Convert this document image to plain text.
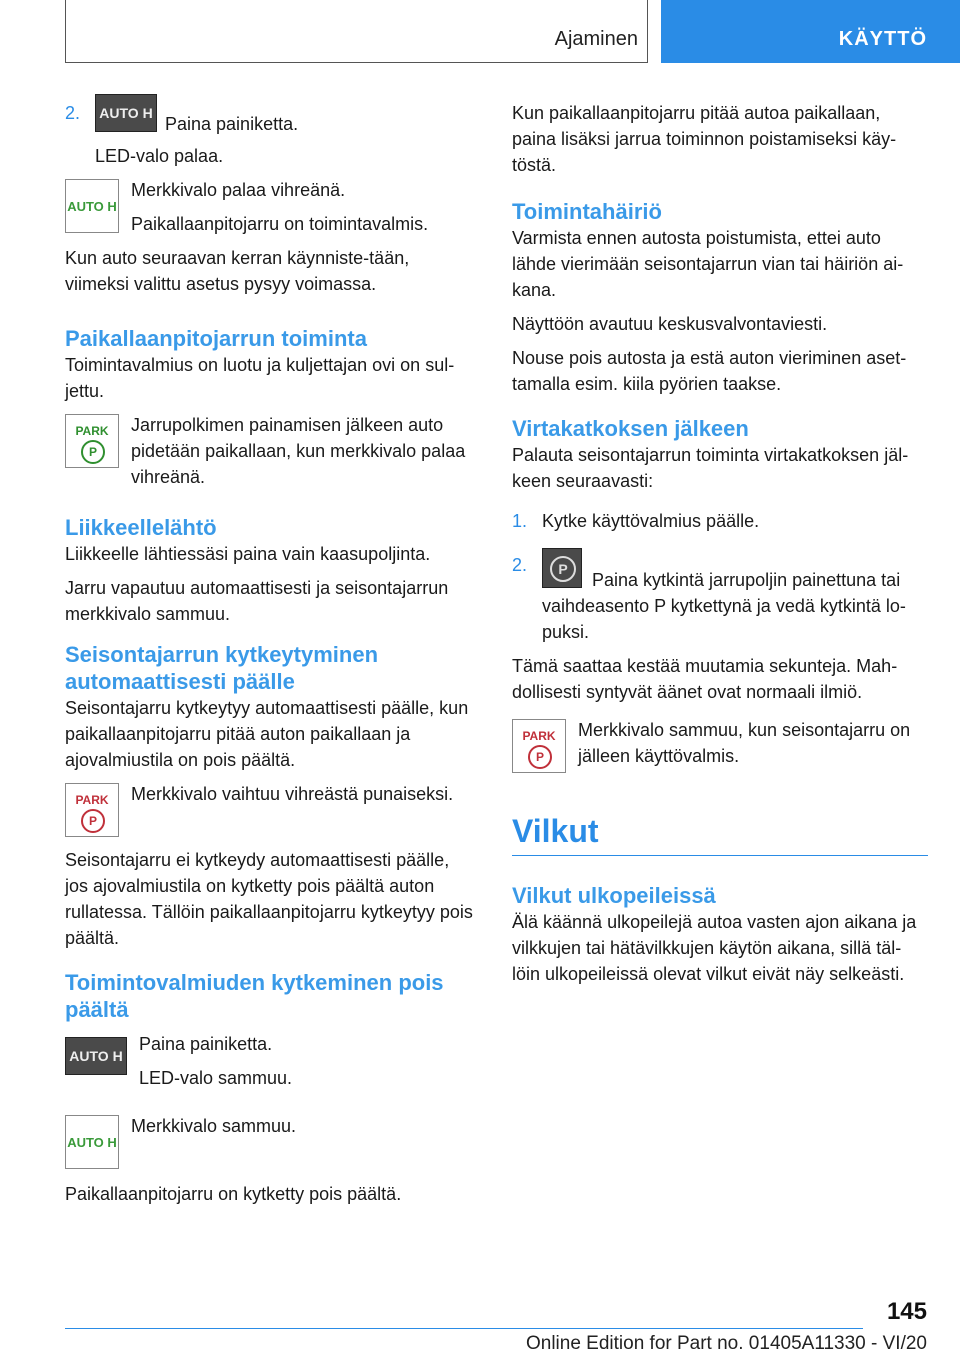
Ajaminen	KÄYTTÖ
2.	AUTO H
Paina painiketta.
LED-valo palaa.
AUTO H

Merkkivalo palaa vihreänä.

Paikallaanpitojarru on toimintavalmis.

Kun auto seuraavan kerran käynniste-tään, viimeksi valittu asetus pysyy voimassa.

Paikallaanpitojarrun toiminta

Toimintavalmius on luotu ja kuljettajan ovi on sul-jettu.

PARK
P

Jarrupolkimen painamisen jälkeen auto pidetään paikallaan, kun merkkivalo palaa vihreänä.

Liikkeellelähtö

Liikkeelle lähtiessäsi paina vain kaasupoljinta.

Jarru vapautuu automaattisesti ja seisontajarrun merkkivalo sammuu.

Seisontajarrun kytkeytyminen automaattisesti päälle

Seisontajarru kytkeytyy automaattisesti päälle, kun paikallaanpitojarru pitää auton paikallaan ja ajovalmiustila on pois päältä.

PARK
P

Merkkivalo vaihtuu vihreästä punaiseksi.

Seisontajarru ei kytkeydy automaattisesti päälle, jos ajovalmiustila on kytketty pois päältä auton rullatessa. Tällöin paikallaanpitojarru kytkeytyy pois päältä.

Toimintovalmiuden kytkeminen pois päältä
AUTO H

Paina painiketta.

LED-valo sammuu.

AUTO H

Merkkivalo sammuu.

Paikallaanpitojarru on kytketty pois päältä.

Kun paikallaanpitojarru pitää autoa paikallaan, paina lisäksi jarrua toiminnon poistamiseksi käy-töstä.

Toimintahäiriö

Varmista ennen autosta poistumista, ettei auto lähde vierimään seisontajarrun vian tai häiriön ai-kana.

Näyttöön avautuu keskusvalvontaviesti.

Nouse pois autosta ja estä auton vieriminen aset-tamalla esim. kiila pyörien taakse.

Virtakatkoksen jälkeen

Palauta seisontajarrun toiminta virtakatkoksen jäl-keen seuraavasti:

1. Kytke käyttövalmius päälle.
2.	P
Paina kytkintä jarrupoljin painettuna tai vaihdeasento P kytkettynä ja vedä kytkintä lo-puksi.

Tämä saattaa kestää muutamia sekunteja. Mah-dollisesti syntyvät äänet ovat normaali ilmiö.

PARK
P

Merkkivalo sammuu, kun seisontajarru on jälleen käyttövalmis.

Vilkut
Vilkut ulkopeileissä

Älä käännä ulkopeilejä autoa vasten ajon aikana ja vilkkujen tai hätävilkkujen käytön aikana, sillä täl-löin ulkopeileissä olevat vilkut eivät näy selkeästi.

145
Online Edition for Part no. 01405A11330 - VI/20
